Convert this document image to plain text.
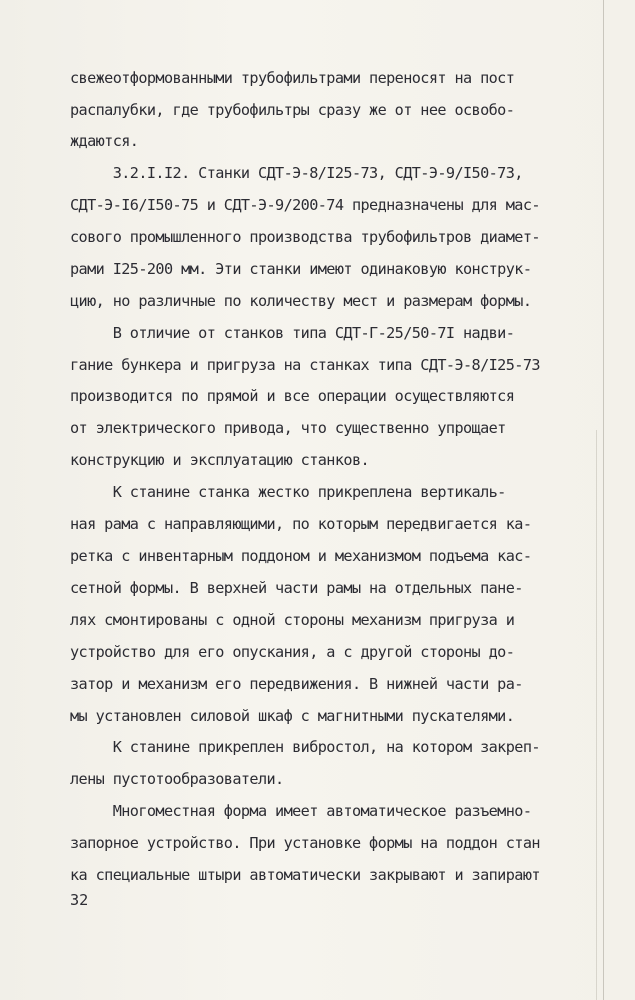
свежеотформованными трубофильтрами переносят на пост
распалубки, где трубофильтры сразу же от нее освобо-
ждаются.
3.2.I.I2. Станки СДТ-Э-8/I25-73, СДТ-Э-9/I50-73,
СДТ-Э-I6/I50-75 и СДТ-Э-9/200-74 предназначены для мас-
сового промышленного производства трубофильтров диамет-
рами I25-200 мм. Эти станки имеют одинаковую конструк-
цию, но различные по количеству мест и размерам формы.
В отличие от станков типа СДТ-Г-25/50-7I надви-
гание бункера и пригруза на станках типа СДТ-Э-8/I25-73
производится по прямой и все операции осуществляются
от электрического привода, что существенно упрощает
конструкцию и эксплуатацию станков.
К станине станка жестко прикреплена вертикаль-
ная рама с направляющими, по которым передвигается ка-
ретка с инвентарным поддоном и механизмом подъема кас-
сетной формы. В верхней части рамы на отдельных пане-
лях смонтированы с одной стороны механизм пригруза и
устройство для его опускания, а с другой стороны до-
затор и механизм его передвижения. В нижней части ра-
мы установлен силовой шкаф с магнитными пускателями.
К станине прикреплен вибростол, на котором закреп-
лены пустотообразователи.
Многоместная форма имеет автоматическое разъемно-
запорное устройство. При установке формы на поддон стан
ка специальные штыри автоматически закрывают и запирают
32
